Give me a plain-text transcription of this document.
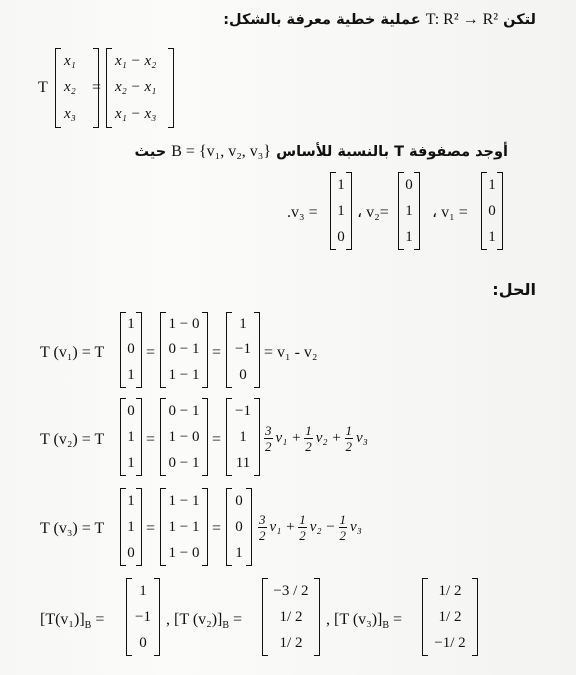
لتكن T: R² → R² عملية خطية معرفة بالشكل:
T
x₁
x₂
x₃
=
x₁ − x₂
x₂ − x₁
x₁ − x₃
أوجد مصفوفة T بالنسبة للأساس B = {v₁, v₂, v₃} حيث
.v₃ =
1
1
0
، v₂=
0
1
1
، v₁ =
1
0
1
الحل:
T (v₁) = T
1
0
1
=
1 − 0
0 − 1
1 − 1
=
1
−1
0
= v₁ - v₂
T (v₂) = T
0
1
1
=
0 − 1
1 − 0
0 − 1
=
−1
1
11
$\frac{3}{2} v_1 + \frac{1}{2} v_2 + \frac{1}{2} v_3$
T (v₃) = T
1
1
0
=
1 − 1
1 − 1
1 − 0
=
0
0
1
$\frac{3}{2} v_1 + \frac{1}{2} v_2 - \frac{1}{2} v_3$
$[T(v_1)]_B$ =
1
−1
0
, [T $(v_2)]_B$ =
−3 / 2
1/ 2
1/ 2
, [T $(v_3)]_B$ =
1/ 2
1/ 2
−1/ 2
